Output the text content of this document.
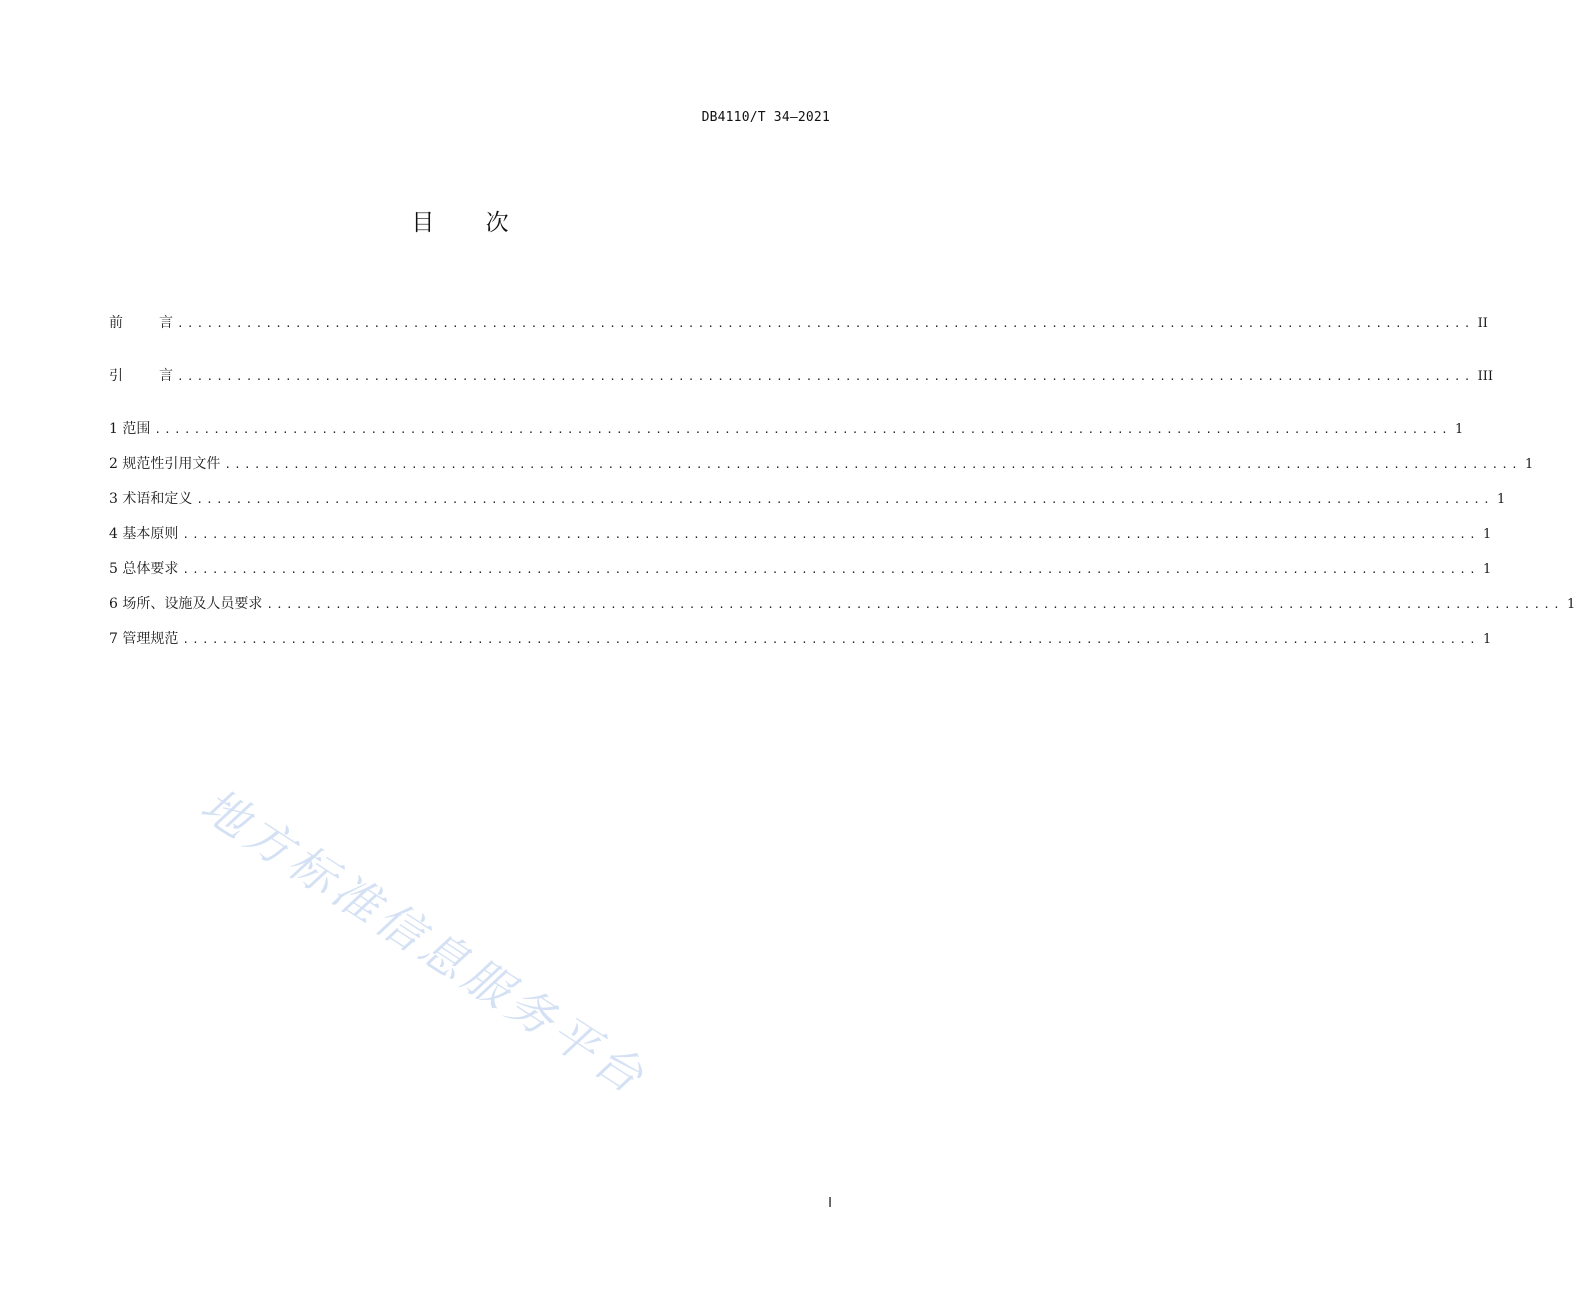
DB4110/T 34—2021
目 次
前	言 .................................................................................................................................... II
引	言 .................................................................................................................................... III
1 范围 .................................................................................................................................... 1
2 规范性引用文件 .................................................................................................................................... 1
3 术语和定义 .................................................................................................................................... 1
4 基本原则 .................................................................................................................................... 1
5 总体要求 .................................................................................................................................... 1
6 场所、设施及人员要求 .................................................................................................................................... 1
7 管理规范 .................................................................................................................................... 1
地方标准信息服务平台
I
